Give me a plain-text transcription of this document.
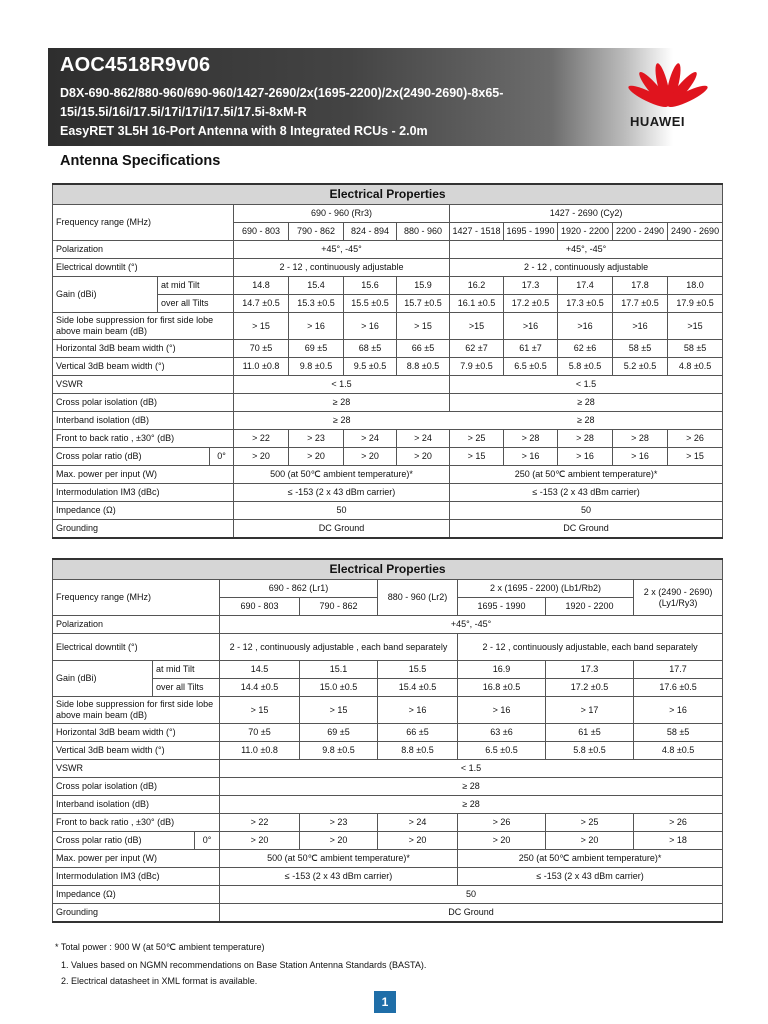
AOC4518R9v06
D8X-690-862/880-960/690-960/1427-2690/2x(1695-2200)/2x(2490-2690)-8x65-
15i/15.5i/16i/17.5i/17i/17i/17.5i/17.5i-8xM-R
EasyRET 3L5H 16-Port Antenna with 8 Integrated RCUs - 2.0m
HUAWEI
Antenna Specifications
Electrical Properties											
Frequency range (MHz)			690 - 960 (Rr3)				1427 - 2690 (Cy2)				
			690 - 803	790 - 862	824 - 894	880 - 960	1427 - 1518	1695 - 1990	1920 - 2200	2200 - 2490	2490 - 2690
Polarization			+45°, -45°				+45°, -45°				
Electrical downtilt (°)			2 - 12 , continuously adjustable				2 - 12 , continuously adjustable				
Gain (dBi)	at mid Tilt		14.8	15.4	15.6	15.9	16.2	17.3	17.4	17.8	18.0
	over all Tilts		14.7 ±0.5	15.3 ±0.5	15.5 ±0.5	15.7 ±0.5	16.1 ±0.5	17.2 ±0.5	17.3 ±0.5	17.7 ±0.5	17.9 ±0.5
Side lobe suppression for first side lobe above main beam (dB)			> 15	> 16	> 16	> 15	>15	>16	>16	>16	>15
Horizontal 3dB beam width (°)			70 ±5	69 ±5	68 ±5	66 ±5	62 ±7	61 ±7	62 ±6	58 ±5	58 ±5
Vertical 3dB beam width (°)			11.0 ±0.8	9.8 ±0.5	9.5 ±0.5	8.8 ±0.5	7.9 ±0.5	6.5 ±0.5	5.8 ±0.5	5.2 ±0.5	4.8 ±0.5
VSWR			< 1.5				< 1.5				
Cross polar isolation (dB)			≥ 28				≥ 28				
Interband isolation (dB)			≥ 28				≥ 28				
Front to back ratio , ±30° (dB)			> 22	> 23	> 24	> 24	> 25	> 28	> 28	> 28	> 26
Cross polar ratio (dB)		0°	> 20	> 20	> 20	> 20	> 15	> 16	> 16	> 16	> 15
Max. power per input (W)			500 (at 50℃ ambient temperature)*				250 (at 50℃ ambient temperature)*				
Intermodulation IM3 (dBc)			≤ -153 (2 x 43 dBm carrier)				≤ -153 (2 x 43 dBm carrier)				
Impedance (Ω)			50				50				
Grounding			DC Ground				DC Ground				
Electrical Properties								
Frequency range (MHz)			690 - 862 (Lr1)		880 - 960 (Lr2)	2 x (1695 - 2200) (Lb1/Rb2)		2 x (2490 - 2690) (Ly1/Ry3)
			690 - 803	790 - 862		1695 - 1990	1920 - 2200	
Polarization			+45°, -45°					
Electrical downtilt (°)			2 - 12 , continuously adjustable , each band separately			2 - 12 , continuously adjustable, each band separately		
Gain (dBi)	at mid Tilt		14.5	15.1	15.5	16.9	17.3	17.7
	over all Tilts		14.4 ±0.5	15.0 ±0.5	15.4 ±0.5	16.8 ±0.5	17.2 ±0.5	17.6 ±0.5
Side lobe suppression for first side lobe above main beam (dB)			> 15	> 15	> 16	> 16	> 17	> 16
Horizontal 3dB beam width (°)			70 ±5	69 ±5	66 ±5	63 ±6	61 ±5	58 ±5
Vertical 3dB beam width (°)			11.0 ±0.8	9.8 ±0.5	8.8 ±0.5	6.5 ±0.5	5.8 ±0.5	4.8 ±0.5
VSWR			< 1.5					
Cross polar isolation (dB)			≥ 28					
Interband isolation (dB)			≥ 28					
Front to back ratio , ±30° (dB)			> 22	> 23	> 24	> 26	> 25	> 26
Cross polar ratio (dB)		0°	> 20	> 20	> 20	> 20	> 20	> 18
Max. power per input (W)			500 (at 50℃ ambient temperature)*			250 (at 50℃ ambient temperature)*		
Intermodulation IM3 (dBc)			≤ -153 (2 x 43 dBm carrier)			≤ -153 (2 x 43 dBm carrier)		
Impedance (Ω)			50					
Grounding			DC Ground					
* Total power : 900 W (at 50℃ ambient temperature)
1. Values based on NGMN recommendations on Base Station Antenna Standards (BASTA).
2. Electrical datasheet in XML format is available.
1
